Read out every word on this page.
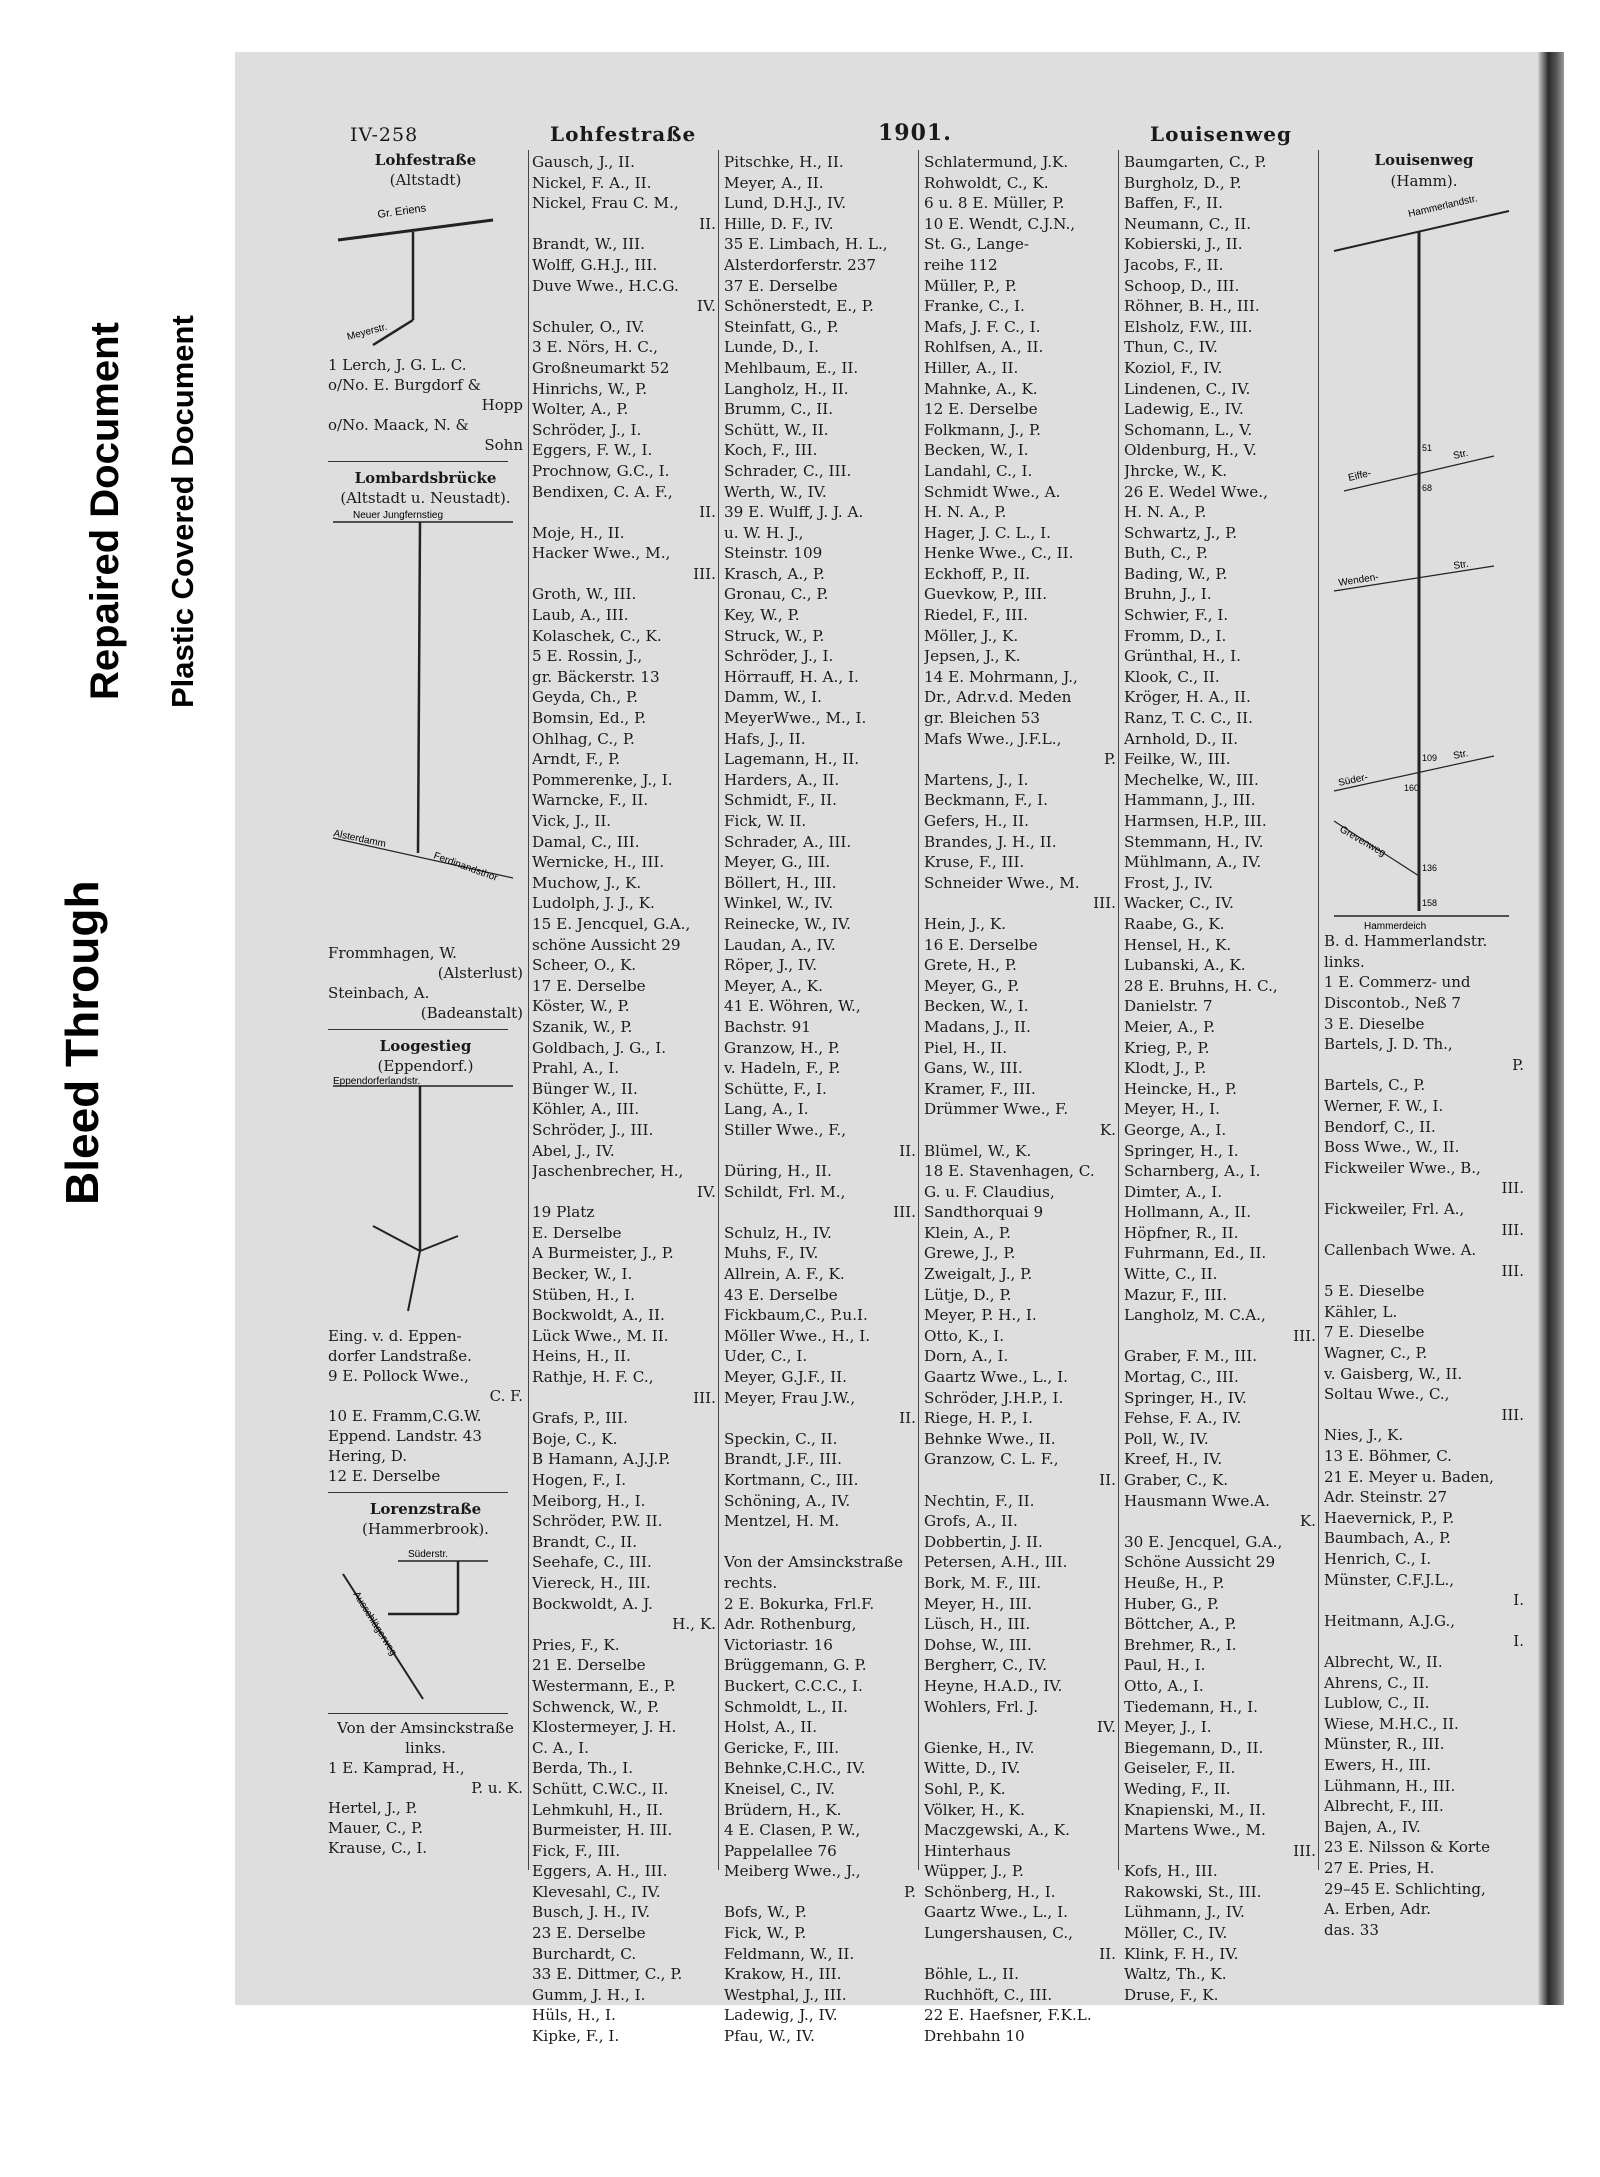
Bleed Through
Repaired Document Plastic Covered Document
IV-258	Lohfestraße	1901.	Louisenweg
Lohfestraße
(Altstadt)
Gr. Eriens
Meyerstr.
1 Lerch, J. G. L. C.
o/No. E. Burgdorf &
Hopp
o/No. Maack, N. &
Sohn
Lombardsbrücke
(Altstadt u. Neustadt).
Neuer Jungfernstieg
Alsterdamm
Ferdinandsthor
Frommhagen, W.
(Alsterlust)
Steinbach, A.
(Badeanstalt)
Loogestieg
(Eppendorf.)
Eppendorferlandstr.
Eing. v. d. Eppen-
dorfer Landstraße.
9 E. Pollock Wwe.,
C. F.
10 E. Framm,C.G.W.
Eppend. Landstr. 43
Hering, D.
12 E. Derselbe
Lorenzstraße
(Hammerbrook).
Süderstr.
Ausschlägerweg
Von der Amsinckstraße
links.
1 E. Kamprad, H.,
P. u. K.
Hertel, J., P.
Mauer, C., P.
Krause, C., I.
Gausch, J., II.
Nickel, F. A., II.
Nickel, Frau C. M.,
II.
Brandt, W., III.
Wolff, G.H.J., III.
Duve Wwe., H.C.G.
IV.
Schuler, O., IV.
3 E. Nörs, H. C.,
Großneumarkt 52
Hinrichs, W., P.
Wolter, A., P.
Schröder, J., I.
Eggers, F. W., I.
Prochnow, G.C., I.
Bendixen, C. A. F.,
II.
Moje, H., II.
Hacker Wwe., M.,
III.
Groth, W., III.
Laub, A., III.
Kolaschek, C., K.
5 E. Rossin, J.,
gr. Bäckerstr. 13
Geyda, Ch., P.
Bomsin, Ed., P.
Ohlhag, C., P.
Arndt, F., P.
Pommerenke, J., I.
Warncke, F., II.
Vick, J., II.
Damal, C., III.
Wernicke, H., III.
Muchow, J., K.
Ludolph, J. J., K.
15 E. Jencquel, G.A.,
schöne Aussicht 29
Scheer, O., K.
17 E. Derselbe
Köster, W., P.
Szanik, W., P.
Goldbach, J. G., I.
Prahl, A., I.
Bünger W., II.
Köhler, A., III.
Schröder, J., III.
Abel, J., IV.
Jaschenbrecher, H.,
IV.
19 Platz
E. Derselbe
A Burmeister, J., P.
Becker, W., I.
Stüben, H., I.
Bockwoldt, A., II.
Lück Wwe., M. II.
Heins, H., II.
Rathje, H. F. C.,
III.
Grafs, P., III.
Boje, C., K.
B Hamann, A.J.J.P.
Hogen, F., I.
Meiborg, H., I.
Schröder, P.W. II.
Brandt, C., II.
Seehafe, C., III.
Viereck, H., III.
Bockwoldt, A. J.
H., K.
Pries, F., K.
21 E. Derselbe
Westermann, E., P.
Schwenck, W., P.
Klostermeyer, J. H.
C. A., I.
Berda, Th., I.
Schütt, C.W.C., II.
Lehmkuhl, H., II.
Burmeister, H. III.
Fick, F., III.
Eggers, A. H., III.
Klevesahl, C., IV.
Busch, J. H., IV.
23 E. Derselbe
Burchardt, C.
33 E. Dittmer, C., P.
Gumm, J. H., I.
Hüls, H., I.
Kipke, F., I.
Pitschke, H., II.
Meyer, A., II.
Lund, D.H.J., IV.
Hille, D. F., IV.
35 E. Limbach, H. L.,
Alsterdorferstr. 237
37 E. Derselbe
Schönerstedt, E., P.
Steinfatt, G., P.
Lunde, D., I.
Mehlbaum, E., II.
Langholz, H., II.
Brumm, C., II.
Schütt, W., II.
Koch, F., III.
Schrader, C., III.
Werth, W., IV.
39 E. Wulff, J. J. A.
u. W. H. J.,
Steinstr. 109
Krasch, A., P.
Gronau, C., P.
Key, W., P.
Struck, W., P.
Schröder, J., I.
Hörrauff, H. A., I.
Damm, W., I.
MeyerWwe., M., I.
Hafs, J., II.
Lagemann, H., II.
Harders, A., II.
Schmidt, F., II.
Fick, W. II.
Schrader, A., III.
Meyer, G., III.
Böllert, H., III.
Winkel, W., IV.
Reinecke, W., IV.
Laudan, A., IV.
Röper, J., IV.
Meyer, A., K.
41 E. Wöhren, W.,
Bachstr. 91
Granzow, H., P.
v. Hadeln, F., P.
Schütte, F., I.
Lang, A., I.
Stiller Wwe., F.,
II.
Düring, H., II.
Schildt, Frl. M.,
III.
Schulz, H., IV.
Muhs, F., IV.
Allrein, A. F., K.
43 E. Derselbe
Fickbaum,C., P.u.I.
Möller Wwe., H., I.
Uder, C., I.
Meyer, G.J.F., II.
Meyer, Frau J.W.,
II.
Speckin, C., II.
Brandt, J.F., III.
Kortmann, C., III.
Schöning, A., IV.
Mentzel, H. M.
Von der Amsinckstraße
rechts.
2 E. Bokurka, Frl.F.
Adr. Rothenburg,
Victoriastr. 16
Brüggemann, G. P.
Buckert, C.C.C., I.
Schmoldt, L., II.
Holst, A., II.
Gericke, F., III.
Behnke,C.H.C., IV.
Kneisel, C., IV.
Brüdern, H., K.
4 E. Clasen, P. W.,
Pappelallee 76
Meiberg Wwe., J.,
P.
Bofs, W., P.
Fick, W., P.
Feldmann, W., II.
Krakow, H., III.
Westphal, J., III.
Ladewig, J., IV.
Pfau, W., IV.
Schlatermund, J.K.
Rohwoldt, C., K.
6 u. 8 E. Müller, P.
10 E. Wendt, C.J.N.,
St. G., Lange-
reihe 112
Müller, P., P.
Franke, C., I.
Mafs, J. F. C., I.
Rohlfsen, A., II.
Hiller, A., II.
Mahnke, A., K.
12 E. Derselbe
Folkmann, J., P.
Becken, W., I.
Landahl, C., I.
Schmidt Wwe., A.
H. N. A., P.
Hager, J. C. L., I.
Henke Wwe., C., II.
Eckhoff, P., II.
Guevkow, P., III.
Riedel, F., III.
Möller, J., K.
Jepsen, J., K.
14 E. Mohrmann, J.,
Dr., Adr.v.d. Meden
gr. Bleichen 53
Mafs Wwe., J.F.L.,
P.
Martens, J., I.
Beckmann, F., I.
Gefers, H., II.
Brandes, J. H., II.
Kruse, F., III.
Schneider Wwe., M.
III.
Hein, J., K.
16 E. Derselbe
Grete, H., P.
Meyer, G., P.
Becken, W., I.
Madans, J., II.
Piel, H., II.
Gans, W., III.
Kramer, F., III.
Drümmer Wwe., F.
K.
Blümel, W., K.
18 E. Stavenhagen, C.
G. u. F. Claudius,
Sandthorquai 9
Klein, A., P.
Grewe, J., P.
Zweigalt, J., P.
Lütje, D., P.
Meyer, P. H., I.
Otto, K., I.
Dorn, A., I.
Gaartz Wwe., L., I.
Schröder, J.H.P., I.
Riege, H. P., I.
Behnke Wwe., II.
Granzow, C. L. F.,
II.
Nechtin, F., II.
Grofs, A., II.
Dobbertin, J. II.
Petersen, A.H., III.
Bork, M. F., III.
Meyer, H., III.
Lüsch, H., III.
Dohse, W., III.
Bergherr, C., IV.
Heyne, H.A.D., IV.
Wohlers, Frl. J.
IV.
Gienke, H., IV.
Witte, D., IV.
Sohl, P., K.
Völker, H., K.
Maczgewski, A., K.
Hinterhaus
Wüpper, J., P.
Schönberg, H., I.
Gaartz Wwe., L., I.
Lungershausen, C.,
II.
Böhle, L., II.
Ruchhöft, C., III.
22 E. Haefsner, F.K.L.
Drehbahn 10
Baumgarten, C., P.
Burgholz, D., P.
Baffen, F., II.
Neumann, C., II.
Kobierski, J., II.
Jacobs, F., II.
Schoop, D., III.
Röhner, B. H., III.
Elsholz, F.W., III.
Thun, C., IV.
Koziol, F., IV.
Lindenen, C., IV.
Ladewig, E., IV.
Schomann, L., V.
Oldenburg, H., V.
Jhrcke, W., K.
26 E. Wedel Wwe.,
H. N. A., P.
Schwartz, J., P.
Buth, C., P.
Bading, W., P.
Bruhn, J., I.
Schwier, F., I.
Fromm, D., I.
Grünthal, H., I.
Klook, C., II.
Kröger, H. A., II.
Ranz, T. C. C., II.
Arnhold, D., II.
Feilke, W., III.
Mechelke, W., III.
Hammann, J., III.
Harmsen, H.P., III.
Stemmann, H., IV.
Mühlmann, A., IV.
Frost, J., IV.
Wacker, C., IV.
Raabe, G., K.
Hensel, H., K.
Lubanski, A., K.
28 E. Bruhns, H. C.,
Danielstr. 7
Meier, A., P.
Krieg, P., P.
Klodt, J., P.
Heincke, H., P.
Meyer, H., I.
George, A., I.
Springer, H., I.
Scharnberg, A., I.
Dimter, A., I.
Hollmann, A., II.
Höpfner, R., II.
Fuhrmann, Ed., II.
Witte, C., II.
Mazur, F., III.
Langholz, M. C.A.,
III.
Graber, F. M., III.
Mortag, C., III.
Springer, H., IV.
Fehse, F. A., IV.
Poll, W., IV.
Kreef, H., IV.
Graber, C., K.
Hausmann Wwe.A.
K.
30 E. Jencquel, G.A.,
Schöne Aussicht 29
Heuße, H., P.
Huber, G., P.
Böttcher, A., P.
Brehmer, R., I.
Paul, H., I.
Otto, A., I.
Tiedemann, H., I.
Meyer, J., I.
Biegemann, D., II.
Geiseler, F., II.
Weding, F., II.
Knapienski, M., II.
Martens Wwe., M.
III.
Kofs, H., III.
Rakowski, St., III.
Lühmann, J., IV.
Möller, C., IV.
Klink, F. H., IV.
Waltz, Th., K.
Druse, F., K.
Louisenweg
(Hamm).
Hammerlandstr.
Eiffe-
Str.
Wenden-
Str.
Süder-
Str.
Grevenweg
Hammerdeich
51
68
109
160
136
158
B. d. Hammerlandstr.
links.
1 E. Commerz- und
Discontob., Neß 7
3 E. Dieselbe
Bartels, J. D. Th.,
P.
Bartels, C., P.
Werner, F. W., I.
Bendorf, C., II.
Boss Wwe., W., II.
Fickweiler Wwe., B.,
III.
Fickweiler, Frl. A.,
III.
Callenbach Wwe. A.
III.
5 E. Dieselbe
Kähler, L.
7 E. Dieselbe
Wagner, C., P.
v. Gaisberg, W., II.
Soltau Wwe., C.,
III.
Nies, J., K.
13 E. Böhmer, C.
21 E. Meyer u. Baden,
Adr. Steinstr. 27
Haevernick, P., P.
Baumbach, A., P.
Henrich, C., I.
Münster, C.F.J.L.,
I.
Heitmann, A.J.G.,
I.
Albrecht, W., II.
Ahrens, C., II.
Lublow, C., II.
Wiese, M.H.C., II.
Münster, R., III.
Ewers, H., III.
Lühmann, H., III.
Albrecht, F., III.
Bajen, A., IV.
23 E. Nilsson & Korte
27 E. Pries, H.
29–45 E. Schlichting,
A. Erben, Adr.
das. 33
